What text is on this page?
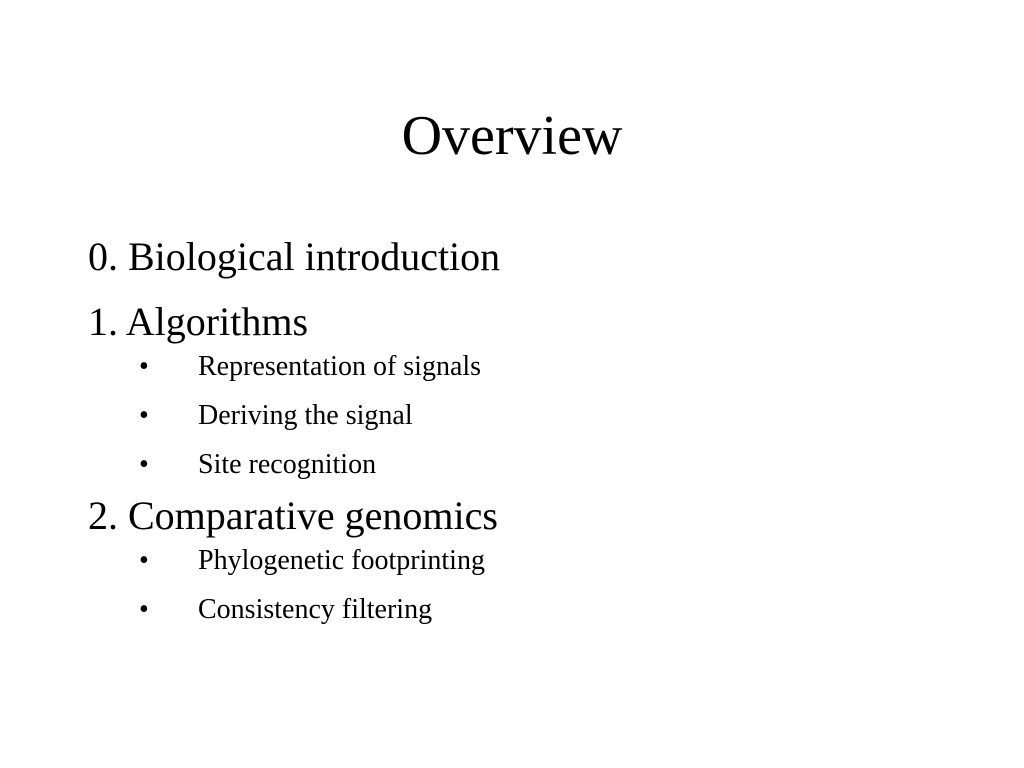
Overview

0. Biological introduction

1. Algorithms

• Representation of signals
• Deriving the signal
• Site recognition

2. Comparative genomics

• Phylogenetic footprinting
• Consistency filtering
